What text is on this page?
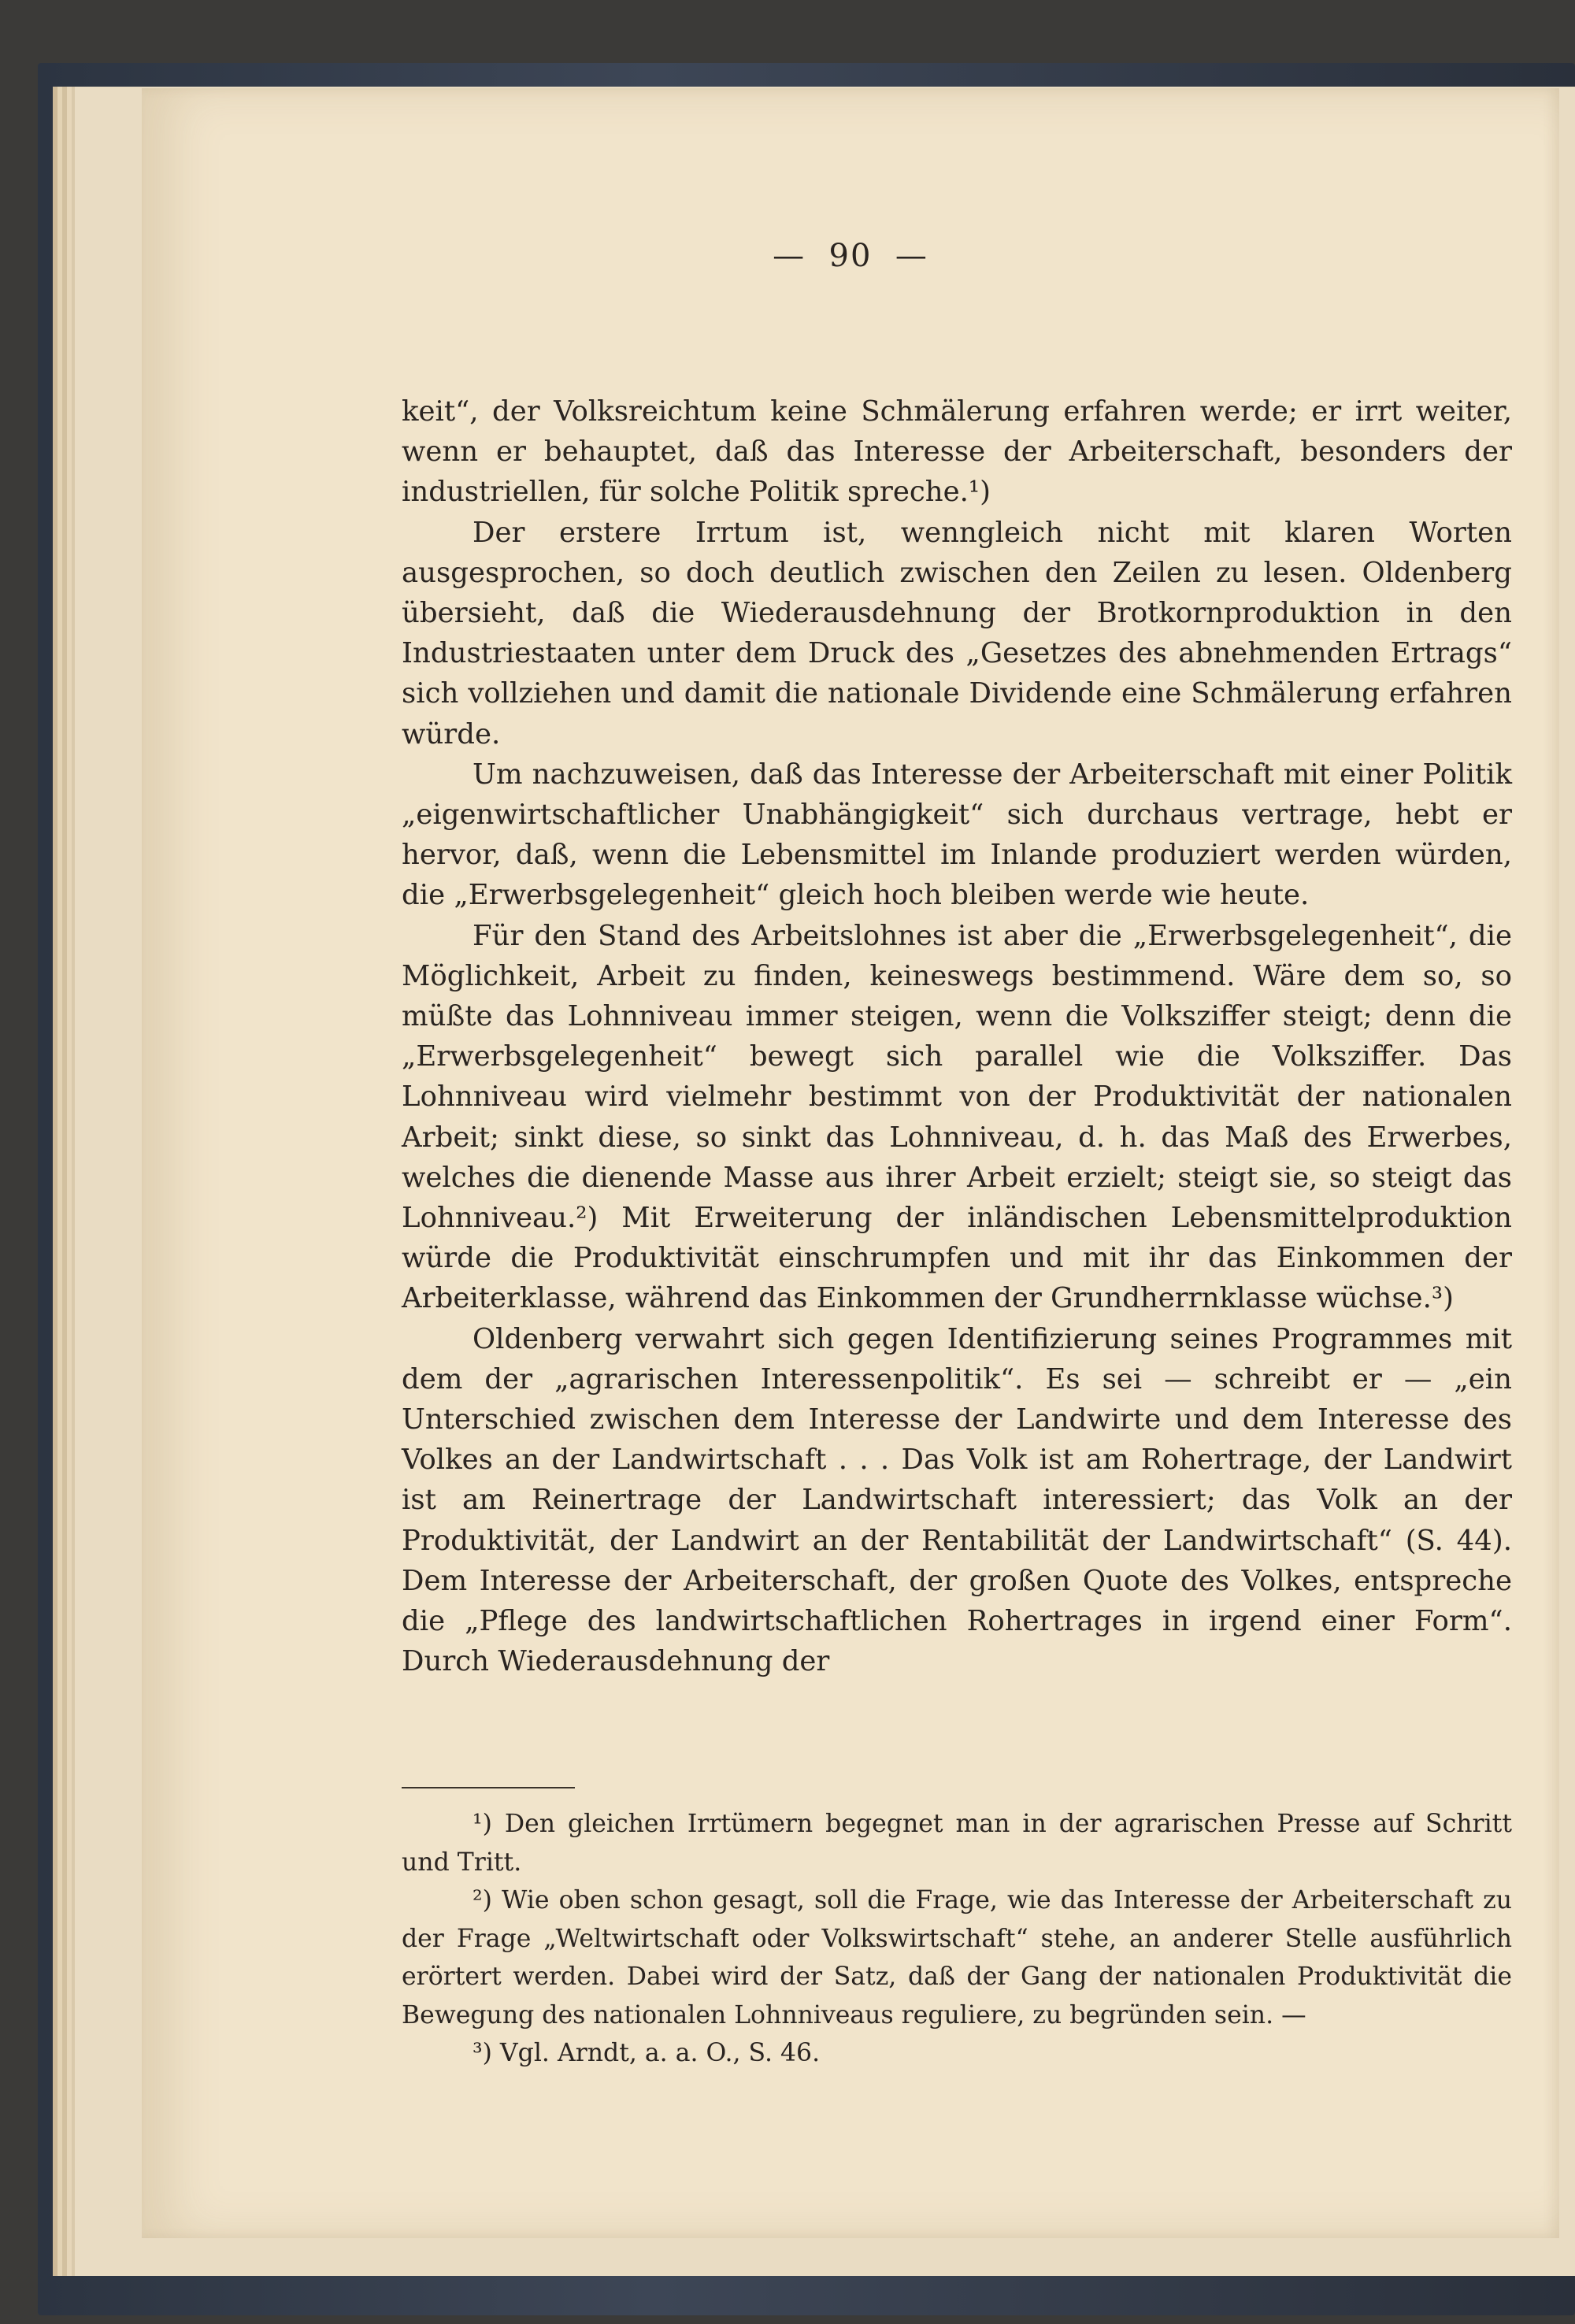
—  90  —

keit“, der Volksreichtum keine Schmälerung erfahren werde; er irrt weiter, wenn er behauptet, daß das Interesse der Arbeiterschaft, besonders der industriellen, für solche Politik spreche.¹)

Der erstere Irrtum ist, wenngleich nicht mit klaren Worten ausgesprochen, so doch deutlich zwischen den Zeilen zu lesen. Oldenberg übersieht, daß die Wiederausdehnung der Brotkornproduktion in den Industriestaaten unter dem Druck des „Gesetzes des abnehmenden Ertrags“ sich vollziehen und damit die nationale Dividende eine Schmälerung erfahren würde.

Um nachzuweisen, daß das Interesse der Arbeiterschaft mit einer Politik „eigenwirtschaftlicher Unabhängigkeit“ sich durchaus vertrage, hebt er hervor, daß, wenn die Lebensmittel im Inlande produziert werden würden, die „Erwerbsgelegenheit“ gleich hoch bleiben werde wie heute.

Für den Stand des Arbeitslohnes ist aber die „Erwerbsgelegenheit“, die Möglichkeit, Arbeit zu finden, keineswegs bestimmend. Wäre dem so, so müßte das Lohnniveau immer steigen, wenn die Volksziffer steigt; denn die „Erwerbsgelegenheit“ bewegt sich parallel wie die Volksziffer. Das Lohnniveau wird vielmehr bestimmt von der Produktivität der nationalen Arbeit; sinkt diese, so sinkt das Lohnniveau, d. h. das Maß des Erwerbes, welches die dienende Masse aus ihrer Arbeit erzielt; steigt sie, so steigt das Lohnniveau.²) Mit Erweiterung der inländischen Lebensmittelproduktion würde die Produktivität einschrumpfen und mit ihr das Einkommen der Arbeiterklasse, während das Einkommen der Grundherrnklasse wüchse.³)

Oldenberg verwahrt sich gegen Identifizierung seines Programmes mit dem der „agrarischen Interessenpolitik“. Es sei — schreibt er — „ein Unterschied zwischen dem Interesse der Landwirte und dem Interesse des Volkes an der Landwirtschaft . . . Das Volk ist am Rohertrage, der Landwirt ist am Reinertrage der Landwirtschaft interessiert; das Volk an der Produktivität, der Landwirt an der Rentabilität der Landwirtschaft“ (S. 44). Dem Interesse der Arbeiterschaft, der großen Quote des Volkes, entspreche die „Pflege des landwirtschaftlichen Rohertrages in irgend einer Form“. Durch Wiederausdehnung der

¹) Den gleichen Irrtümern begegnet man in der agrarischen Presse auf Schritt und Tritt.

²) Wie oben schon gesagt, soll die Frage, wie das Interesse der Arbeiterschaft zu der Frage „Weltwirtschaft oder Volkswirtschaft“ stehe, an anderer Stelle ausführlich erörtert werden. Dabei wird der Satz, daß der Gang der nationalen Produktivität die Bewegung des nationalen Lohnniveaus reguliere, zu begründen sein. —

³) Vgl. Arndt, a. a. O., S. 46.
